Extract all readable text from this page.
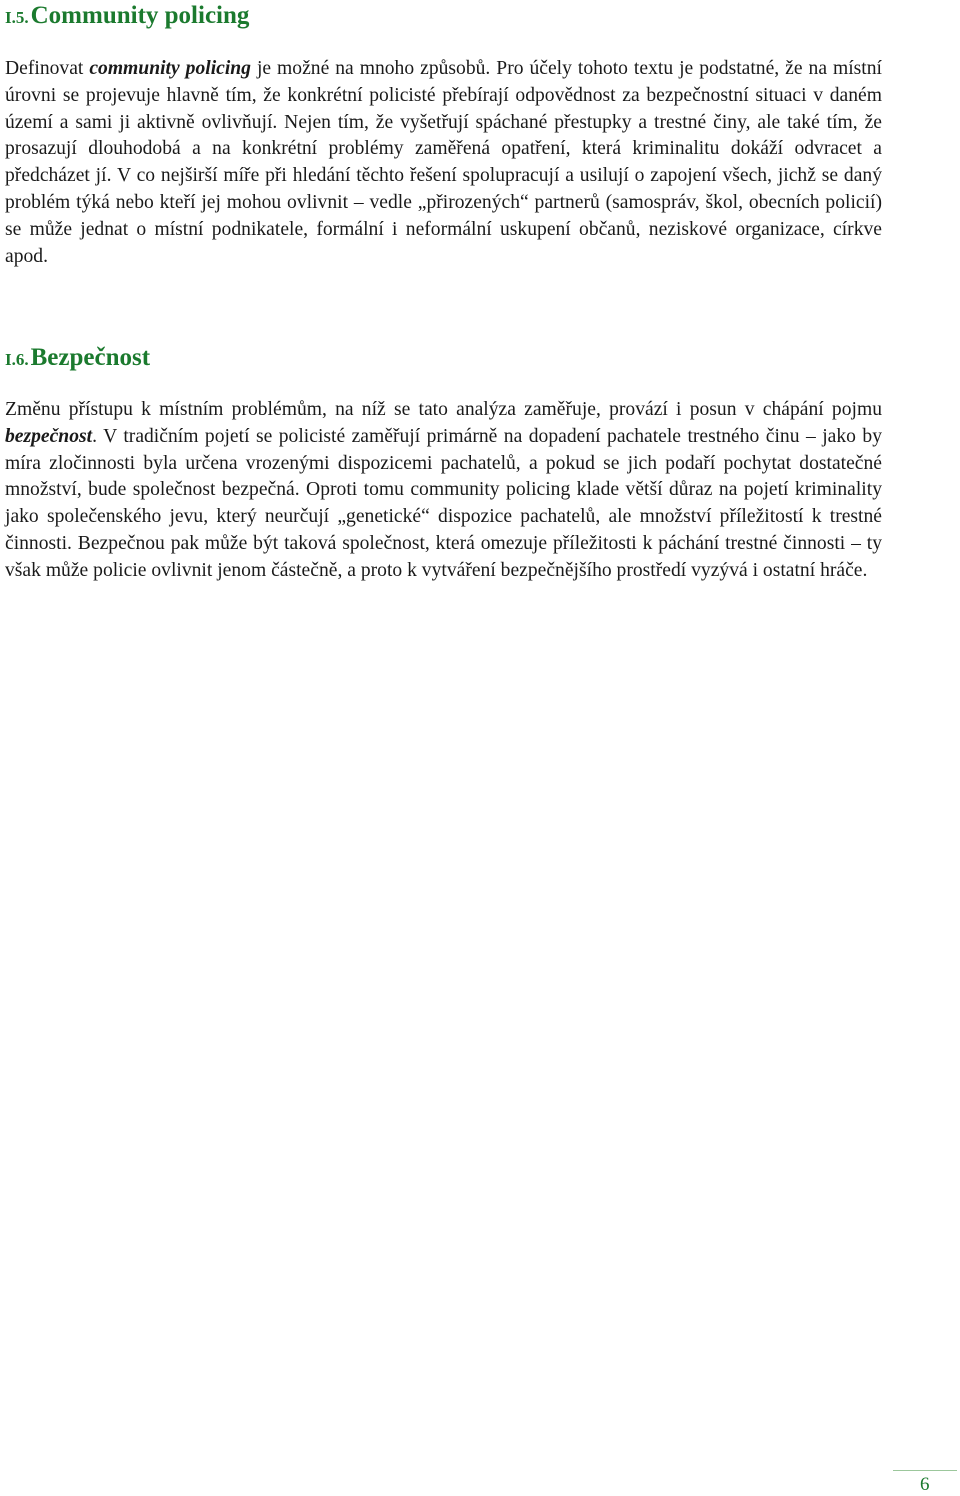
I.5. Community policing

Definovat community policing je možné na mnoho způsobů. Pro účely tohoto textu je podstatné, že na místní úrovni se projevuje hlavně tím, že konkrétní policisté přebírají odpovědnost za bezpečnostní situaci v daném území a sami ji aktivně ovlivňují. Nejen tím, že vyšetřují spáchané přestupky a trestné činy, ale také tím, že prosazují dlouhodobá a na konkrétní problémy zaměřená opatření, která kriminalitu dokáží odvracet a předcházet jí. V co nejširší míře při hledání těchto řešení spolupracují a usilují o zapojení všech, jichž se daný problém týká nebo kteří jej mohou ovlivnit – vedle „přirozených“ partnerů (samospráv, škol, obecních policií) se může jednat o místní podnikatele, formální i neformální uskupení občanů, neziskové organizace, církve apod.

I.6. Bezpečnost

Změnu přístupu k místním problémům, na níž se tato analýza zaměřuje, provází i posun v chápání pojmu bezpečnost. V tradičním pojetí se policisté zaměřují primárně na dopadení pachatele trestného činu – jako by míra zločinnosti byla určena vrozenými dispozicemi pachatelů, a pokud se jich podaří pochytat dostatečné množství, bude společnost bezpečná. Oproti tomu community policing klade větší důraz na pojetí kriminality jako společenského jevu, který neurčují „genetické“ dispozice pachatelů, ale množství příležitostí k trestné činnosti. Bezpečnou pak může být taková společnost, která omezuje příležitosti k páchání trestné činnosti – ty však může policie ovlivnit jenom částečně, a proto k vytváření bezpečnějšího prostředí vyzývá i ostatní hráče.

6
